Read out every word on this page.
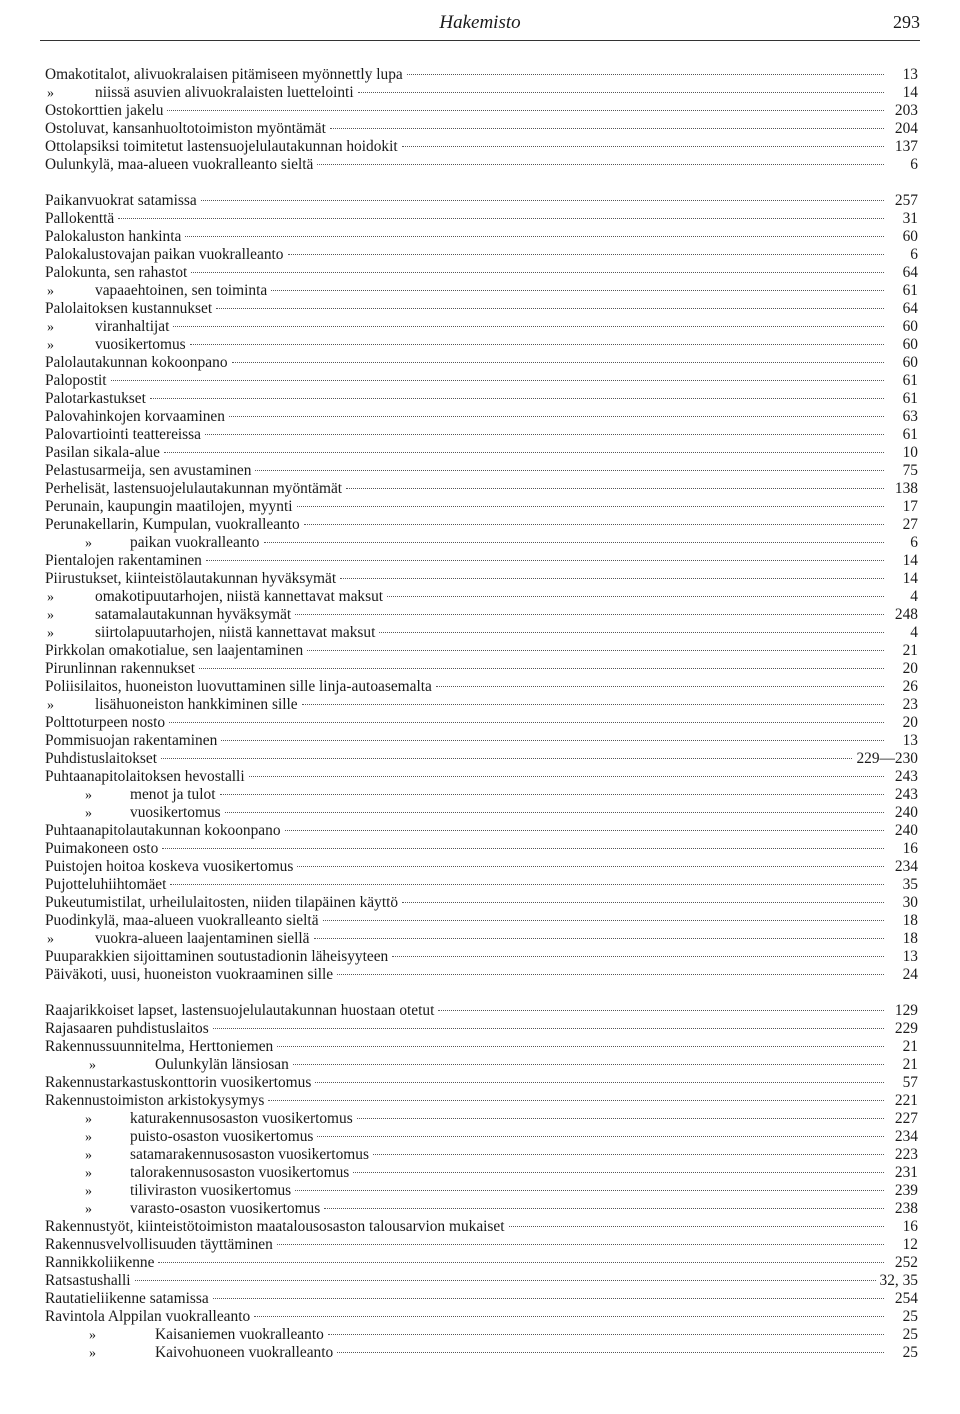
Hakemisto	293
Omakotitalot, alivuokralaisen pitämiseen myönnettly lupa	13
»	niissä asuvien alivuokralaisten luettelointi	14
Ostokorttien jakelu	203
Ostoluvat, kansanhuoltotoimiston myöntämät	204
Ottolapsiksi toimitetut lastensuojelulautakunnan hoidokit	137
Oulunkylä, maa-alueen vuokralleanto sieltä	6
Paikanvuokrat satamissa	257
Pallokenttä	31
Palokaluston hankinta	60
Palokalustovajan paikan vuokralleanto	6
Palokunta, sen rahastot	64
»	vapaaehtoinen, sen toiminta	61
Palolaitoksen kustannukset	64
»	viranhaltijat	60
»	vuosikertomus	60
Palolautakunnan kokoonpano	60
Palopostit	61
Palotarkastukset	61
Palovahinkojen korvaaminen	63
Palovartiointi teattereissa	61
Pasilan sikala-alue	10
Pelastusarmeija, sen avustaminen	75
Perhelisät, lastensuojelulautakunnan myöntämät	138
Perunain, kaupungin maatilojen, myynti	17
Perunakellarin, Kumpulan, vuokralleanto	27
»	paikan vuokralleanto	6
Pientalojen rakentaminen	14
Piirustukset, kiinteistölautakunnan hyväksymät	14
»	omakotipuutarhojen, niistä kannettavat maksut	4
»	satamalautakunnan hyväksymät	248
»	siirtolapuutarhojen, niistä kannettavat maksut	4
Pirkkolan omakotialue, sen laajentaminen	21
Pirunlinnan rakennukset	20
Poliisilaitos, huoneiston luovuttaminen sille linja-autoasemalta	26
»	lisähuoneiston hankkiminen sille	23
Polttoturpeen nosto	20
Pommisuojan rakentaminen	13
Puhdistuslaitokset	229—230
Puhtaanapitolaitoksen hevostalli	243
»	menot ja tulot	243
»	vuosikertomus	240
Puhtaanapitolautakunnan kokoonpano	240
Puimakoneen osto	16
Puistojen hoitoa koskeva vuosikertomus	234
Pujotteluhiihtomäet	35
Pukeutumistilat, urheilulaitosten, niiden tilapäinen käyttö	30
Puodinkylä, maa-alueen vuokralleanto sieltä	18
»	vuokra-alueen laajentaminen siellä	18
Puuparakkien sijoittaminen soutustadionin läheisyyteen	13
Päiväkoti, uusi, huoneiston vuokraaminen sille	24
Raajarikkoiset lapset, lastensuojelulautakunnan huostaan otetut	129
Rajasaaren puhdistuslaitos	229
Rakennussuunnitelma, Herttoniemen	21
»	Oulunkylän länsiosan	21
Rakennustarkastuskonttorin vuosikertomus	57
Rakennustoimiston arkistokysymys	221
»	katurakennusosaston vuosikertomus	227
»	puisto-osaston vuosikertomus	234
»	satamarakennusosaston vuosikertomus	223
»	talorakennusosaston vuosikertomus	231
»	tiliviraston vuosikertomus	239
»	varasto-osaston vuosikertomus	238
Rakennustyöt, kiinteistötoimiston maatalousosaston talousarvion mukaiset	16
Rakennusvelvollisuuden täyttäminen	12
Rannikkoliikenne	252
Ratsastushalli	32, 35
Rautatieliikenne satamissa	254
Ravintola Alppilan vuokralleanto	25
»	Kaisaniemen vuokralleanto	25
»	Kaivohuoneen vuokralleanto	25
